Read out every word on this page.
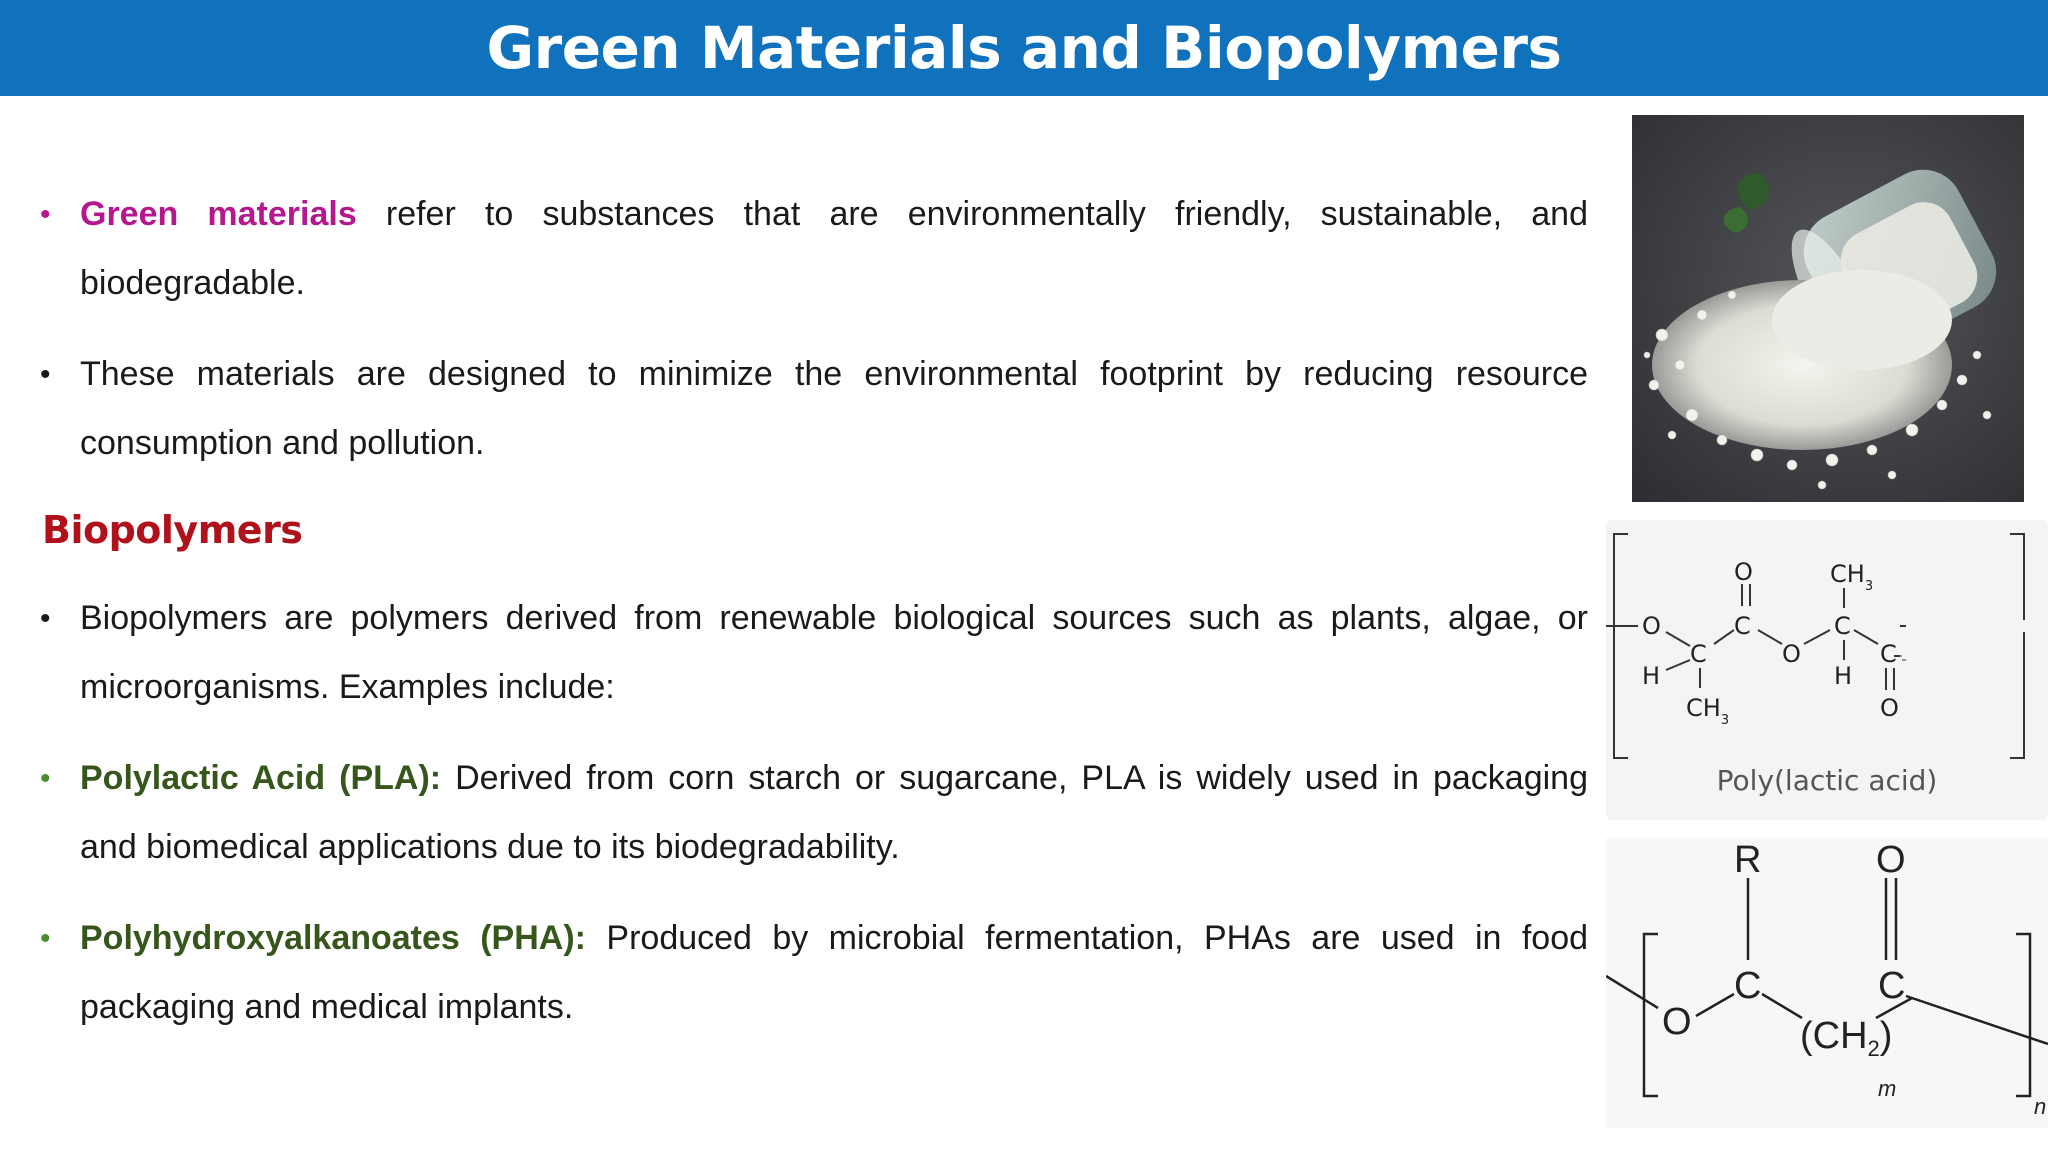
Green Materials and Biopolymers
• Green materials refer to substances that are environmentally friendly, sustainable, and biodegradable.
• These materials are designed to minimize the environmental footprint by reducing resource consumption and pollution.
Biopolymers
• Biopolymers are polymers derived from renewable biological sources such as plants, algae, or microorganisms. Examples include:
• Polylactic Acid (PLA): Derived from corn starch or sugarcane, PLA is widely used in packaging and biomedical applications due to its biodegradability.
• Polyhydroxyalkanoates (PHA): Produced by microbial fermentation, PHAs are used in food packaging and medical implants.
O
C
H
$CH_3$
O
C
O
$CH_3$
C
H
C
O
Poly(lactic acid)
R	O
O
C	C
$(CH_2)$
m
n
